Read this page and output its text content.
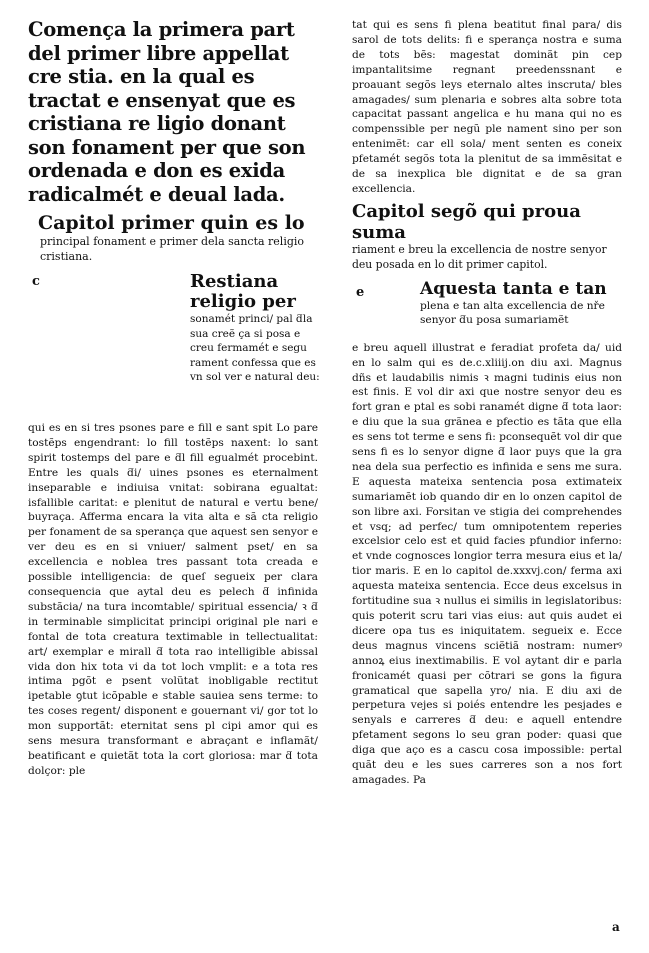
Comença la primera part del primer libre appellat cre stia. en la qual es tractat e ensenyat que es cristiana re ligio donant son fonament per que son ordenada e don es exida radicalmét e deual lada.
Capitol primer quin es lo
principal fonament e primer dela sancta religio cristiana.
c	Restiana religio per
sonamét princi/ pal ƌla sua creẽ ça si posa e creu fermamét e segu rament confessa que es vn sol ver e natural deu:
qui es en si tres psones pare e fill e sant spit Lo pare tostẽps engendrant: lo fill tostẽps naxent: lo sant spirit tostemps del pare e ƌl fill egualmét procebint. Entre les quals ƌi/ uines psones es eternalment inseparable e indiuisa vnitat: sobirana egualtat: isfallible caritat: e plenitut de natural e vertu bene/ buyraça. Afferma encara la vita alta e sã cta religio per fonament de sa sperança que aquest sen senyor e ver deu es en si vniuer/ salment pset/ en sa excellencia e noblea tres passant tota creada e possible intelligencia: de queſ segueix per clara consequencia que aytal deu es pelech ƌ infinida substãcia/ na tura incomtable/ spiritual essencia/ ꝛ ƌ in terminable simplicitat principi original ple nari e fontal de tota creatura textimable in tellectualitat: art/ exemplar e mirall ƌ tota rao intelligible abissal vida don hix tota vi da tot loch vmplit: e a tota res intima pgõt e psent volũtat inobligable rectitut ipetable ꝯtut icõpable e stable sauiea sens terme: to tes coses regent/ disponent e gouernant vi/ gor tot lo mon supportãt: eternitat sens pl cipi amor qui es sens mesura transformant e abraçant e inflamãt/ beatificant e quietãt tota la cort gloriosa: mar ƌ tota dolçor: ple
tat qui es sens fi plena beatitut final para/ dis sarol de tots delits: fi e sperança nostra e suma de tots bẽs: magestat dominãt pin cep impantalitsime regnant preedenssnant e proauant segõs leys eternalo altes inscruta/ bles amagades/ sum plenaria e sobres alta sobre tota capacitat passant angelica e hu mana qui no es compenssible per negũ ple nament sino per son entenimẽt: car ell sola/ ment senten es coneix pfetamét segõs tota la plenitut de sa immẽsitat e de sa inexplica ble dignitat e de sa gran excellencia.
Capitol segõ qui proua suma
riament e breu la excellencia de nostre senyor deu posada en lo dit primer capitol.
e	Aquesta tanta e tan
plena e tan alta excellencia de nře senyor ƌu posa sumariamẽt
e breu aquell illustrat e feradiat profeta da/ uid en lo salm qui es de.c.xliiij.on diu axi. Magnus dñs et laudabilis nimis ꝛ magni tudinis eius non est finis. E vol dir axi que nostre senyor deu es fort gran e ptal es sobi ranamét digne ƌ tota laor: e diu que la sua grãnea e pfectio es tãta que ella es sens tot terme e sens fi: pconsequẽt vol dir que sens fi es lo senyor digne ƌ laor puys que la gra nea dela sua perfectio es infinida e sens me sura. E aquesta mateixa sentencia posa extimateix sumariamẽt iob quando dir en lo onzen capitol de son libre axi. Forsitan ve stigia dei comprehendes et vsq; ad perfec/ tum omnipotentem reperies excelsior celo est et quid facies pfundior inferno: et vnde cognosces longior terra mesura eius et la/ tior maris. E en lo capitol de.xxxvj.con/ ferma axi aquesta mateixa sentencia. Ecce deus excelsus in fortitudine sua ꝛ nullus ei similis in legislatoribus: quis poterit scru tari vias eius: aut quis audet ei dicere opa tus es iniquitatem. segueix e. Ecce deus magnus vincens sciẽtiã nostram: numerꝰ annoꝝ eius inextimabilis. E vol aytant dir e parla fronicamét quasi per cõtrari se gons la figura gramatical que sapella yro/ nia. E diu axi de perpetura vejes si poiés entendre les pesjades e senyals e carreres ƌ deu: e aquell entendre pfetament segons lo seu gran poder: quasi que diga que aço es a cascu cosa impossible: pertal quãt deu e les sues carreres son a nos fort amagades. Pa
a
